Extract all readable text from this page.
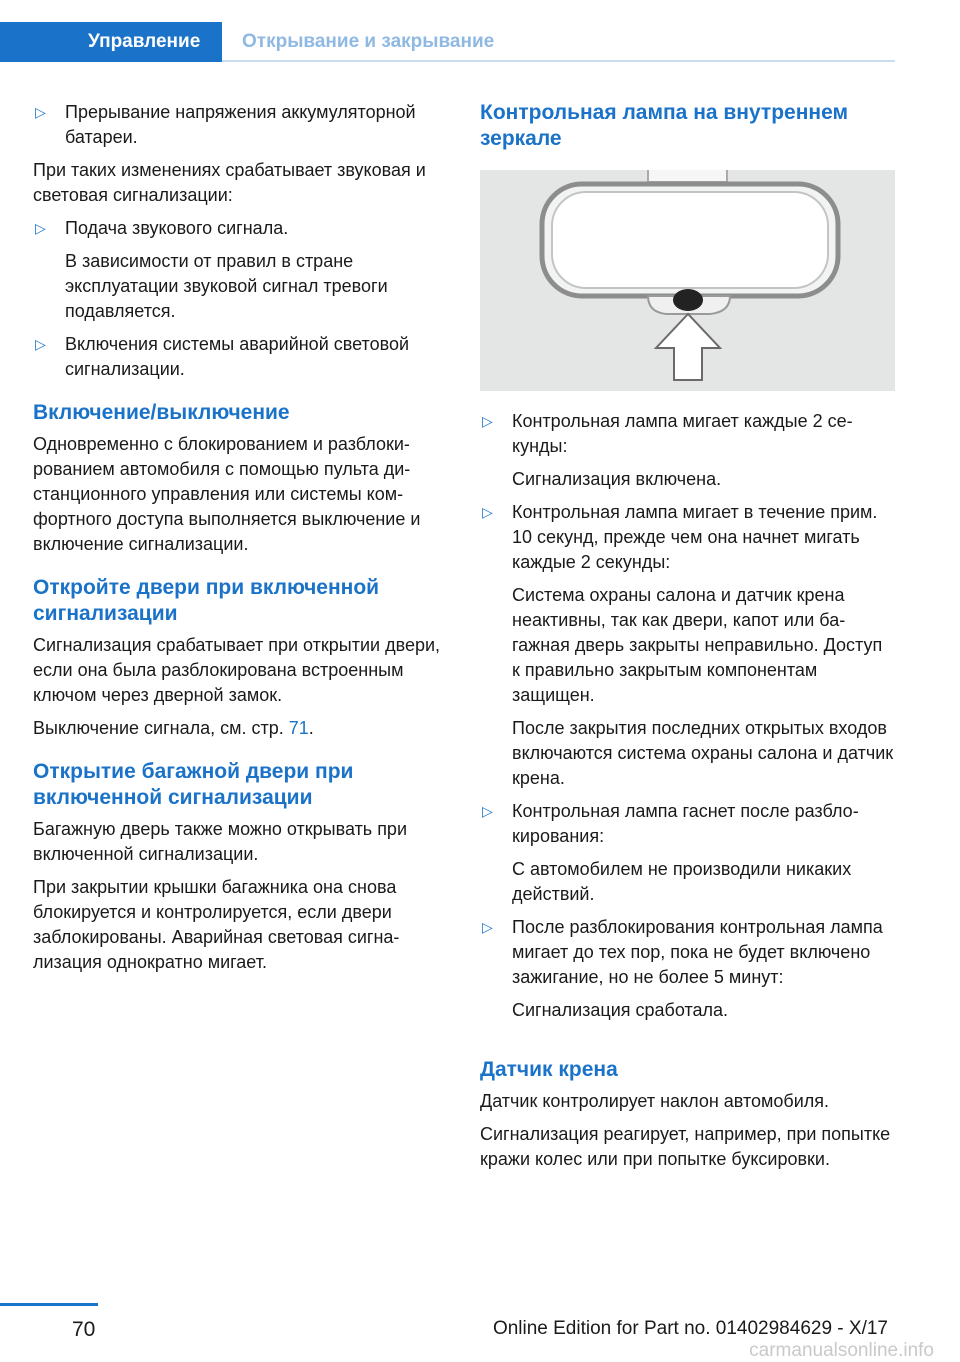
Управление	Открывание и закрывание
▷ Прерывание напряжения аккумуляторной батареи.

При таких изменениях срабатывает звуковая и световая сигнализации:

▷ Подача звукового сигнала.
В зависимости от правил в стране эксплуатации звуковой сигнал тревоги подавляется.
▷ Включения системы аварийной световой сигнализации.
Включение/выключение

Одновременно с блокированием и разблокированием автомобиля с помощью пульта дистанционного управления или системы комфортного доступа выполняется выключение и включение сигнализации.

Откройте двери при включенной сигнализации

Сигнализация срабатывает при открытии двери, если она была разблокирована встроенным ключом через дверной замок.

Выключение сигнала, см. стр. 71.

Открытие багажной двери при включенной сигнализации

Багажную дверь также можно открывать при включенной сигнализации.

При закрытии крышки багажника она снова блокируется и контролируется, если двери заблокированы. Аварийная световая сигнализация однократно мигает.

Контрольная лампа на внутреннем зеркале
▷ Контрольная лампа мигает каждые 2 секунды:
Сигнализация включена.
▷ Контрольная лампа мигает в течение прим. 10 секунд, прежде чем она начнет мигать каждые 2 секунды:
Система охраны салона и датчик крена неактивны, так как двери, капот или багажная дверь закрыты неправильно. Доступ к правильно закрытым компонентам защищен.
После закрытия последних открытых входов включаются система охраны салона и датчик крена.
▷ Контрольная лампа гаснет после разблокирования:
С автомобилем не производили никаких действий.
▷ После разблокирования контрольная лампа мигает до тех пор, пока не будет включено зажигание, но не более 5 минут:
Сигнализация сработала.
Датчик крена

Датчик контролирует наклон автомобиля.

Сигнализация реагирует, например, при попытке кражи колес или при попытке буксировки.

70	Online Edition for Part no. 01402984629 - X/17
carmanualsonline.info
